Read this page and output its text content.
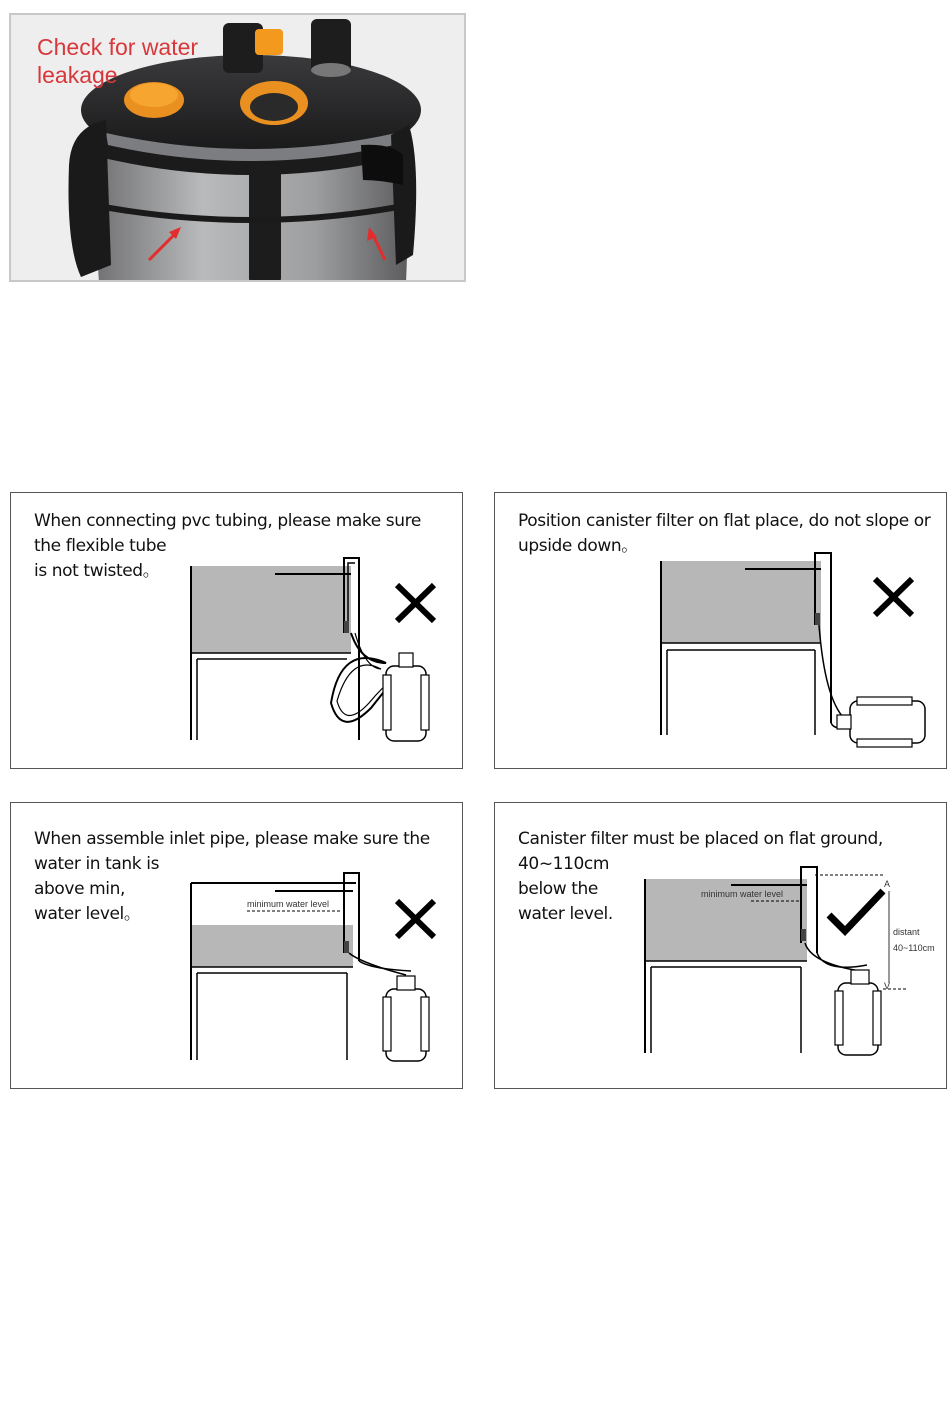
Check for water
leakage
When connecting pvc tubing, please make sure
the flexible tube
is not twisted。
Position canister filter on flat place, do not slope or
upside down。
minimum water level
When assemble inlet pipe, please make sure the
water in tank is
above min,
water level。
minimum water level
A
V
distant
40~110cm
Canister filter must be placed on flat ground,
40~110cm
below the
water level.
